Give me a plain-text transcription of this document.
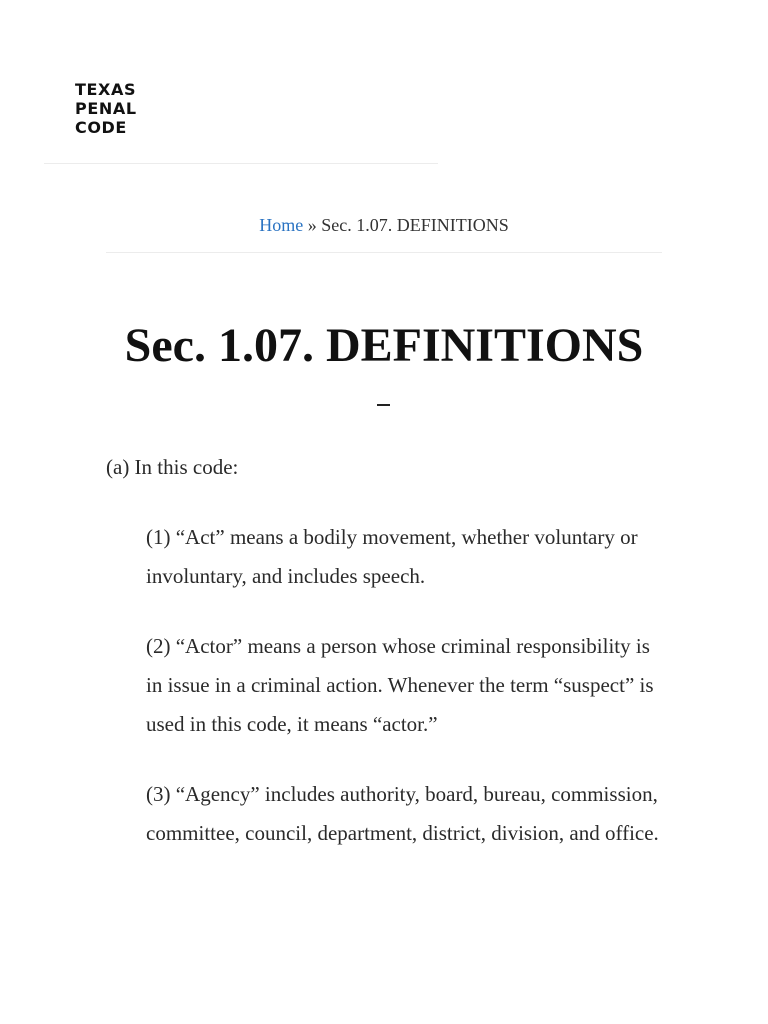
TEXAS
PENAL
CODE
Home » Sec. 1.07. DEFINITIONS
Sec. 1.07. DEFINITIONS

(a) In this code:

(1) “Act” means a bodily movement, whether voluntary or involuntary, and includes speech.

(2) “Actor” means a person whose criminal responsibility is in issue in a criminal action. Whenever the term “suspect” is used in this code, it means “actor.”

(3) “Agency” includes authority, board, bureau, commission, committee, council, department, district, division, and office.
